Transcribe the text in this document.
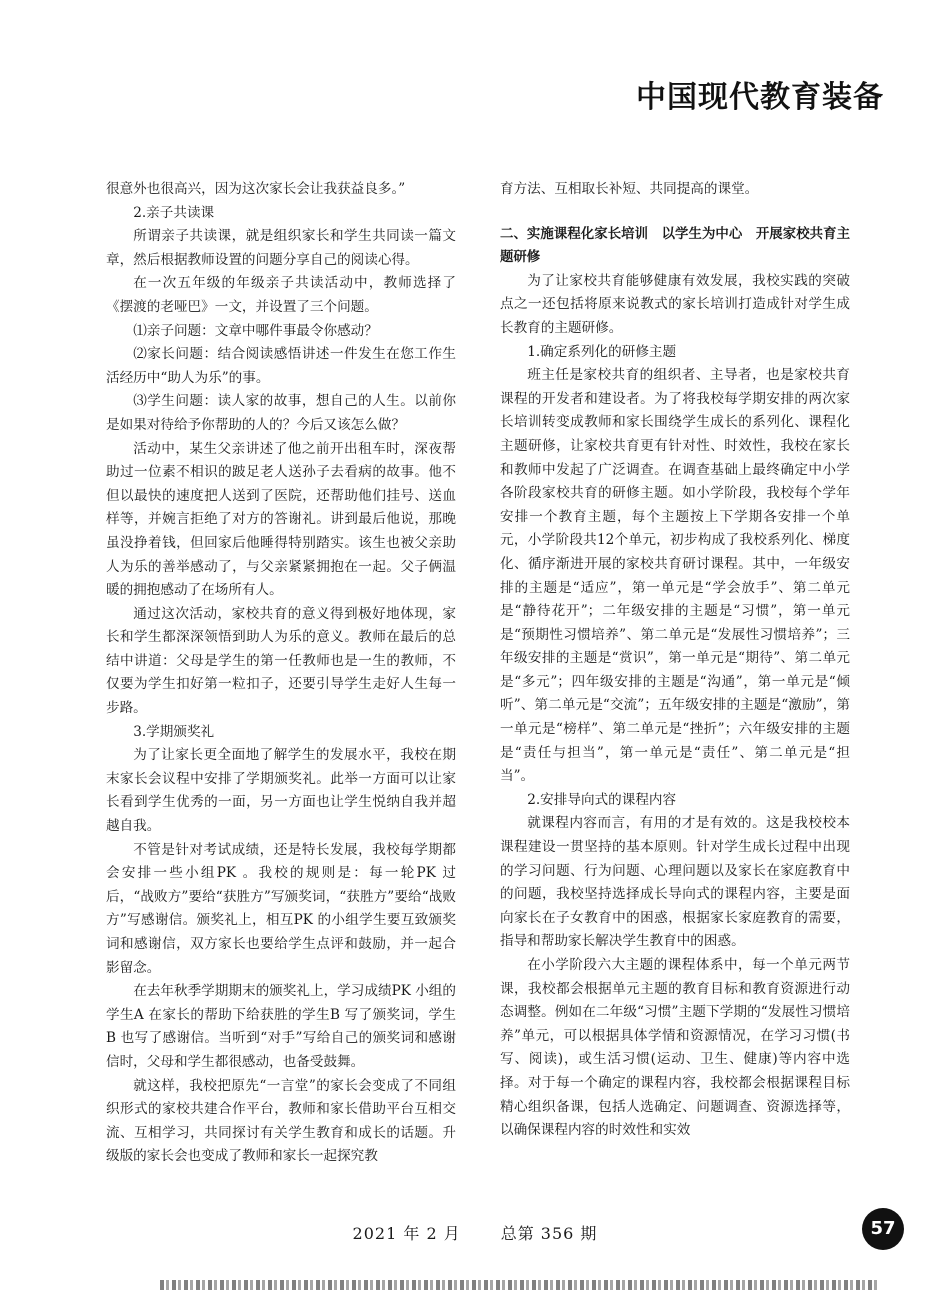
中国现代教育装备

很意外也很高兴，因为这次家长会让我获益良多。”

2.亲子共读课

所谓亲子共读课，就是组织家长和学生共同读一篇文章，然后根据教师设置的问题分享自己的阅读心得。

在一次五年级的年级亲子共读活动中，教师选择了《摆渡的老哑巴》一文，并设置了三个问题。

⑴亲子问题：文章中哪件事最令你感动？

⑵家长问题：结合阅读感悟讲述一件发生在您工作生活经历中“助人为乐”的事。

⑶学生问题：读人家的故事，想自己的人生。以前你是如果对待给予你帮助的人的？今后又该怎么做？

活动中，某生父亲讲述了他之前开出租车时，深夜帮助过一位素不相识的跛足老人送孙子去看病的故事。他不但以最快的速度把人送到了医院，还帮助他们挂号、送血样等，并婉言拒绝了对方的答谢礼。讲到最后他说，那晚虽没挣着钱，但回家后他睡得特别踏实。该生也被父亲助人为乐的善举感动了，与父亲紧紧拥抱在一起。父子俩温暖的拥抱感动了在场所有人。

通过这次活动，家校共育的意义得到极好地体现，家长和学生都深深领悟到助人为乐的意义。教师在最后的总结中讲道：父母是学生的第一任教师也是一生的教师，不仅要为学生扣好第一粒扣子，还要引导学生走好人生每一步路。

3.学期颁奖礼

为了让家长更全面地了解学生的发展水平，我校在期末家长会议程中安排了学期颁奖礼。此举一方面可以让家长看到学生优秀的一面，另一方面也让学生悦纳自我并超越自我。

不管是针对考试成绩，还是特长发展，我校每学期都会安排一些小组PK 。我校的规则是：每一轮PK 过后，“战败方”要给“获胜方”写颁奖词，“获胜方”要给“战败方”写感谢信。颁奖礼上，相互PK 的小组学生要互致颁奖词和感谢信，双方家长也要给学生点评和鼓励，并一起合影留念。

在去年秋季学期期末的颁奖礼上，学习成绩PK 小组的学生A 在家长的帮助下给获胜的学生B 写了颁奖词，学生B 也写了感谢信。当听到“对手”写给自己的颁奖词和感谢信时，父母和学生都很感动，也备受鼓舞。

就这样，我校把原先“一言堂”的家长会变成了不同组织形式的家校共建合作平台，教师和家长借助平台互相交流、互相学习，共同探讨有关学生教育和成长的话题。升级版的家长会也变成了教师和家长一起探究教

育方法、互相取长补短、共同提高的课堂。

二、实施课程化家长培训　以学生为中心　开展家校共育主题研修

为了让家校共育能够健康有效发展，我校实践的突破点之一还包括将原来说教式的家长培训打造成针对学生成长教育的主题研修。

1.确定系列化的研修主题

班主任是家校共育的组织者、主导者，也是家校共育课程的开发者和建设者。为了将我校每学期安排的两次家长培训转变成教师和家长围绕学生成长的系列化、课程化主题研修，让家校共育更有针对性、时效性，我校在家长和教师中发起了广泛调查。在调查基础上最终确定中小学各阶段家校共育的研修主题。如小学阶段，我校每个学年安排一个教育主题，每个主题按上下学期各安排一个单元，小学阶段共12个单元，初步构成了我校系列化、梯度化、循序渐进开展的家校共育研讨课程。其中，一年级安排的主题是“适应”，第一单元是“学会放手”、第二单元是“静待花开”；二年级安排的主题是“习惯”，第一单元是“预期性习惯培养”、第二单元是“发展性习惯培养”；三年级安排的主题是“赏识”，第一单元是“期待”、第二单元是“多元”；四年级安排的主题是“沟通”，第一单元是“倾听”、第二单元是“交流”；五年级安排的主题是“激励”，第一单元是“榜样”、第二单元是“挫折”；六年级安排的主题是“责任与担当”，第一单元是“责任”、第二单元是“担当”。

2.安排导向式的课程内容

就课程内容而言，有用的才是有效的。这是我校校本课程建设一贯坚持的基本原则。针对学生成长过程中出现的学习问题、行为问题、心理问题以及家长在家庭教育中的问题，我校坚持选择成长导向式的课程内容，主要是面向家长在子女教育中的困惑，根据家长家庭教育的需要，指导和帮助家长解决学生教育中的困惑。

在小学阶段六大主题的课程体系中，每一个单元两节课，我校都会根据单元主题的教育目标和教育资源进行动态调整。例如在二年级“习惯”主题下学期的“发展性习惯培养”单元，可以根据具体学情和资源情况，在学习习惯(书写、阅读)，或生活习惯(运动、卫生、健康)等内容中选择。对于每一个确定的课程内容，我校都会根据课程目标精心组织备课，包括人选确定、问题调查、资源选择等，以确保课程内容的时效性和实效

2021 年 2 月	总第 356 期	57
